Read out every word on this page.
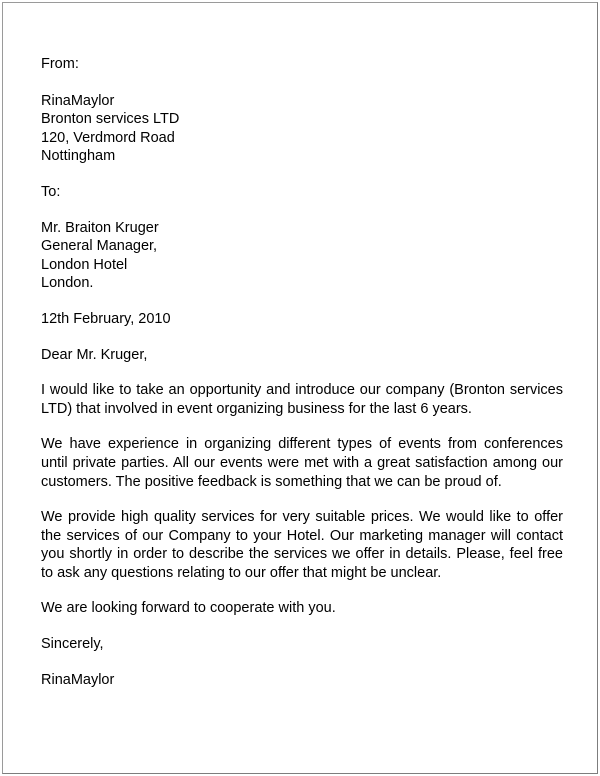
From:
RinaMaylor
Bronton services LTD
120, Verdmord Road
Nottingham
To:
Mr. Braiton Kruger
General Manager,
London Hotel
London.
12th February, 2010
Dear Mr. Kruger,

I would like to take an opportunity and introduce our company (Bronton services LTD) that involved in event organizing business for the last 6 years.

We have experience in organizing different types of events from conferences until private parties. All our events were met with a great satisfaction among our customers. The positive feedback is something that we can be proud of.

We provide high quality services for very suitable prices. We would like to offer the services of our Company to your Hotel. Our marketing manager will contact you shortly in order to describe the services we offer in details. Please, feel free to ask any questions relating to our offer that might be unclear.

We are looking forward to cooperate with you.

Sincerely,
RinaMaylor
